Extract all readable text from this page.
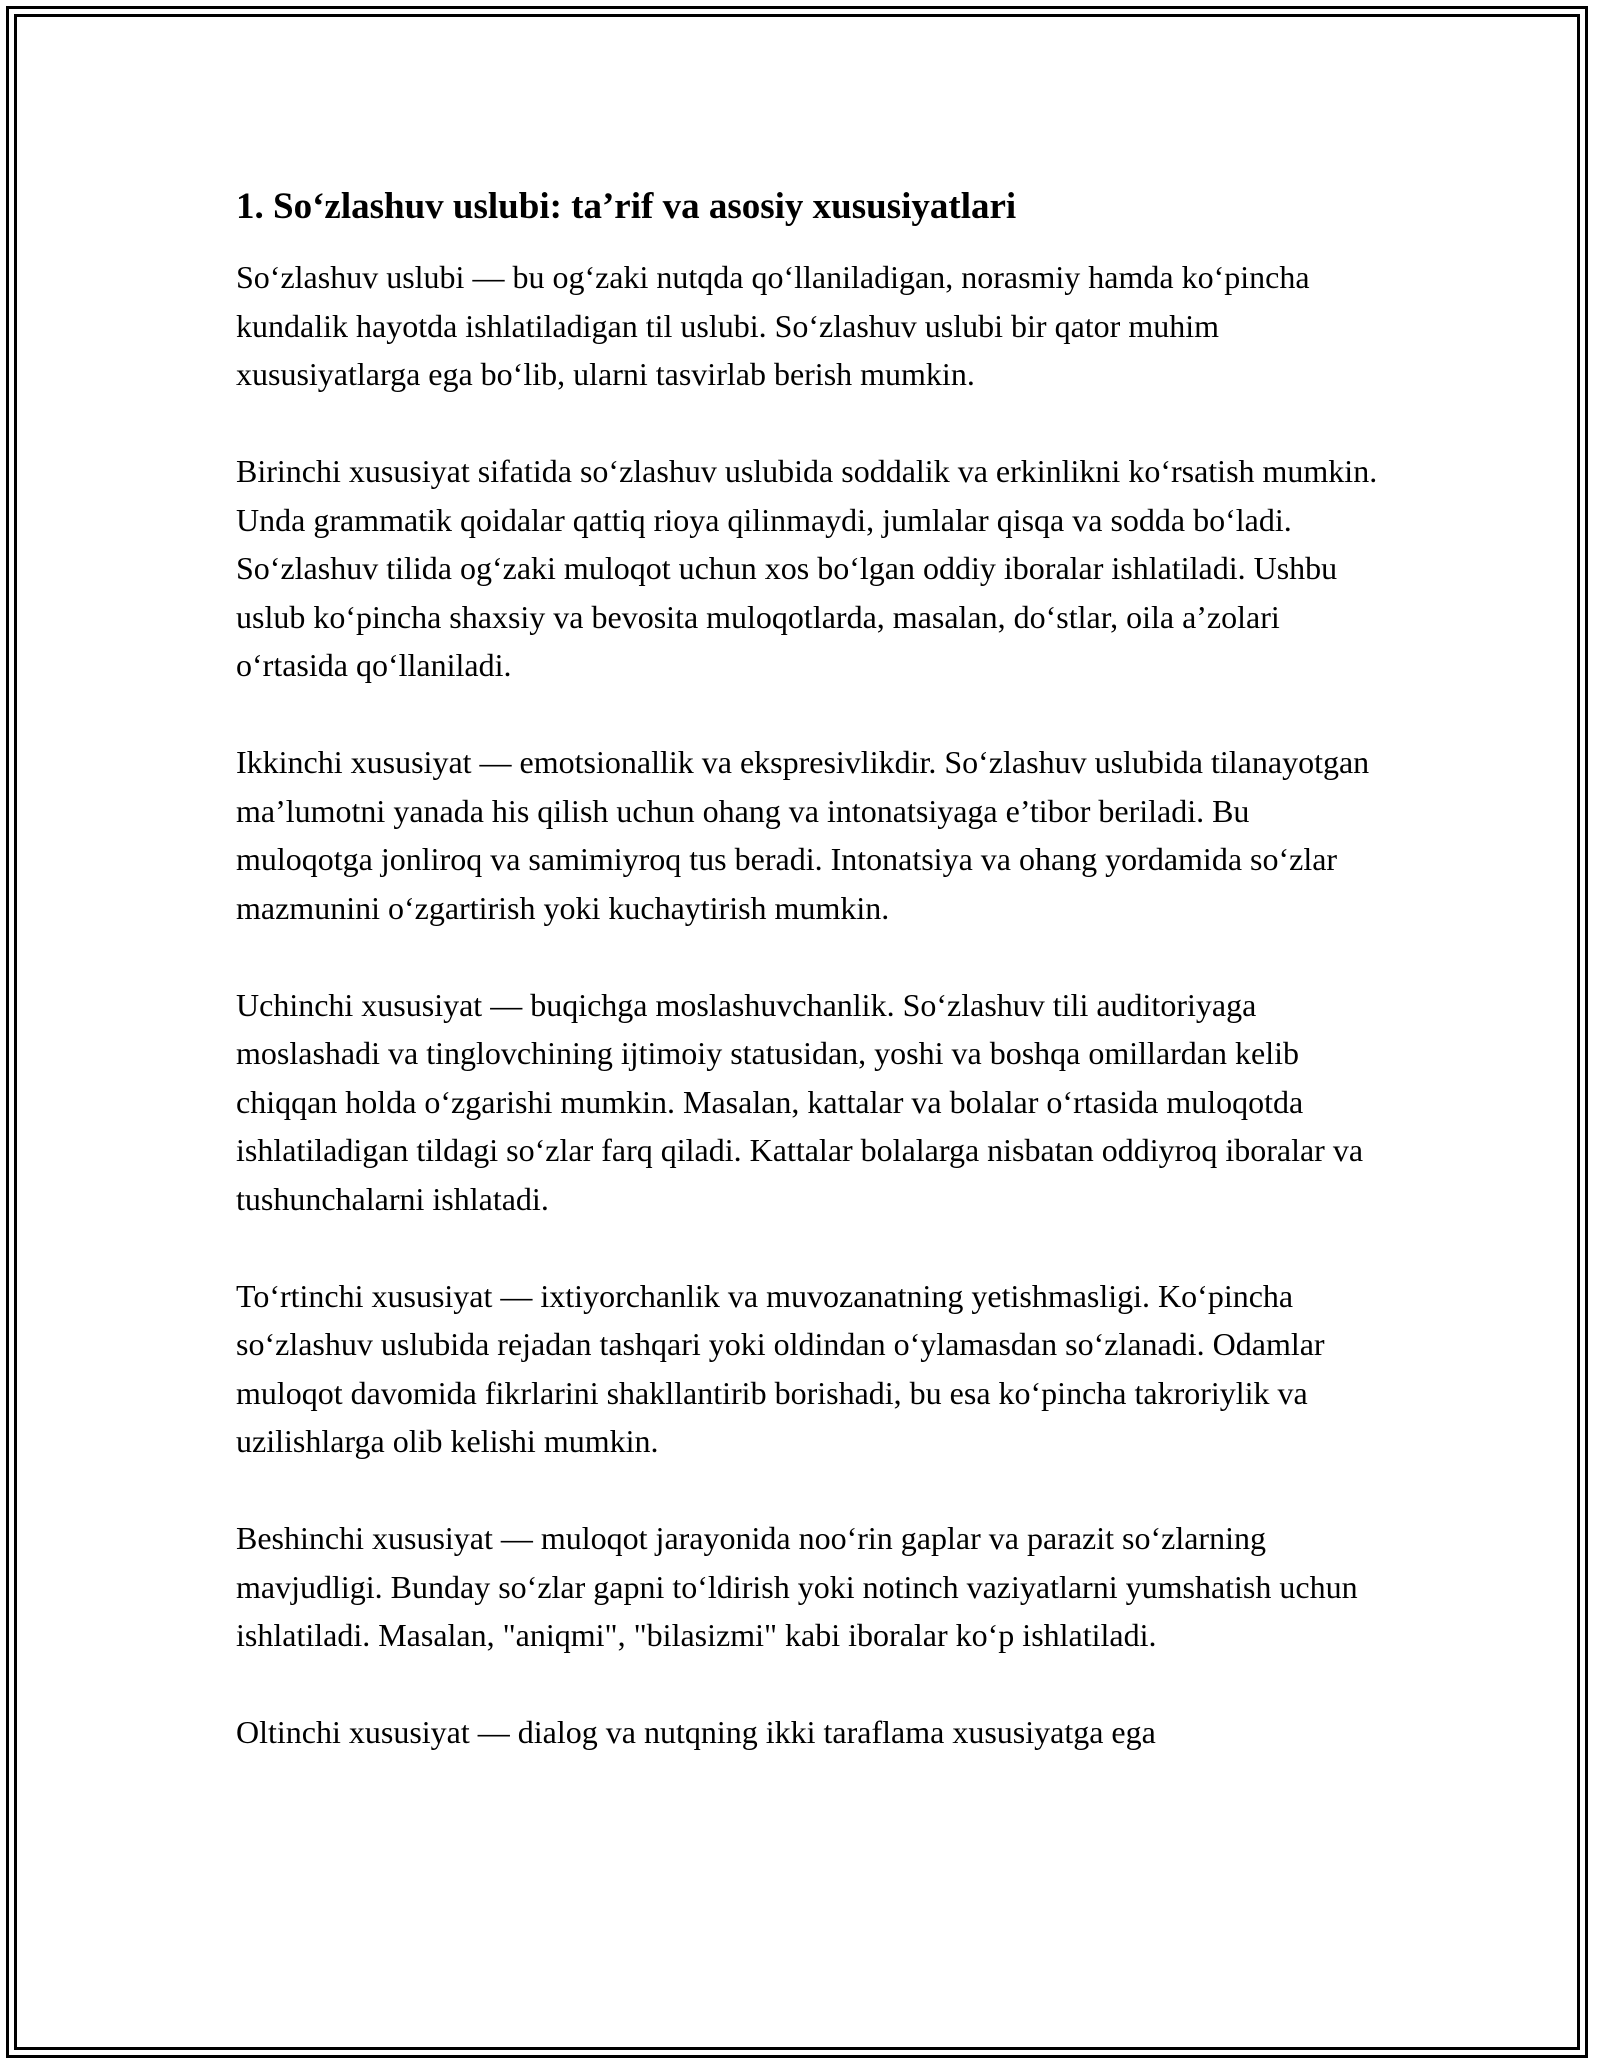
1. So‘zlashuv uslubi: ta’rif va asosiy xususiyatlari

So‘zlashuv uslubi — bu og‘zaki nutqda qo‘llaniladigan, norasmiy hamda ko‘pincha kundalik hayotda ishlatiladigan til uslubi. So‘zlashuv uslubi bir qator muhim xususiyatlarga ega bo‘lib, ularni tasvirlab berish mumkin.

Birinchi xususiyat sifatida so‘zlashuv uslubida soddalik va erkinlikni ko‘rsatish mumkin. Unda grammatik qoidalar qattiq rioya qilinmaydi, jumlalar qisqa va sodda bo‘ladi. So‘zlashuv tilida og‘zaki muloqot uchun xos bo‘lgan oddiy iboralar ishlatiladi. Ushbu uslub ko‘pincha shaxsiy va bevosita muloqotlarda, masalan, do‘stlar, oila a’zolari o‘rtasida qo‘llaniladi.

Ikkinchi xususiyat — emotsionallik va ekspresivlikdir. So‘zlashuv uslubida tilanayotgan ma’lumotni yanada his qilish uchun ohang va intonatsiyaga e’tibor beriladi. Bu muloqotga jonliroq va samimiyroq tus beradi. Intonatsiya va ohang yordamida so‘zlar mazmunini o‘zgartirish yoki kuchaytirish mumkin.

Uchinchi xususiyat — buqichga moslashuvchanlik. So‘zlashuv tili auditoriyaga moslashadi va tinglovchining ijtimoiy statusidan, yoshi va boshqa omillardan kelib chiqqan holda o‘zgarishi mumkin. Masalan, kattalar va bolalar o‘rtasida muloqotda ishlatiladigan tildagi so‘zlar farq qiladi. Kattalar bolalarga nisbatan oddiyroq iboralar va tushunchalarni ishlatadi.

To‘rtinchi xususiyat — ixtiyorchanlik va muvozanatning yetishmasligi. Ko‘pincha so‘zlashuv uslubida rejadan tashqari yoki oldindan o‘ylamasdan so‘zlanadi. Odamlar muloqot davomida fikrlarini shakllantirib borishadi, bu esa ko‘pincha takroriylik va uzilishlarga olib kelishi mumkin.

Beshinchi xususiyat — muloqot jarayonida noo‘rin gaplar va parazit so‘zlarning mavjudligi. Bunday so‘zlar gapni to‘ldirish yoki notinch vaziyatlarni yumshatish uchun ishlatiladi. Masalan, "aniqmi", "bilasizmi" kabi iboralar ko‘p ishlatiladi.

Oltinchi xususiyat — dialog va nutqning ikki taraflama xususiyatga ega
